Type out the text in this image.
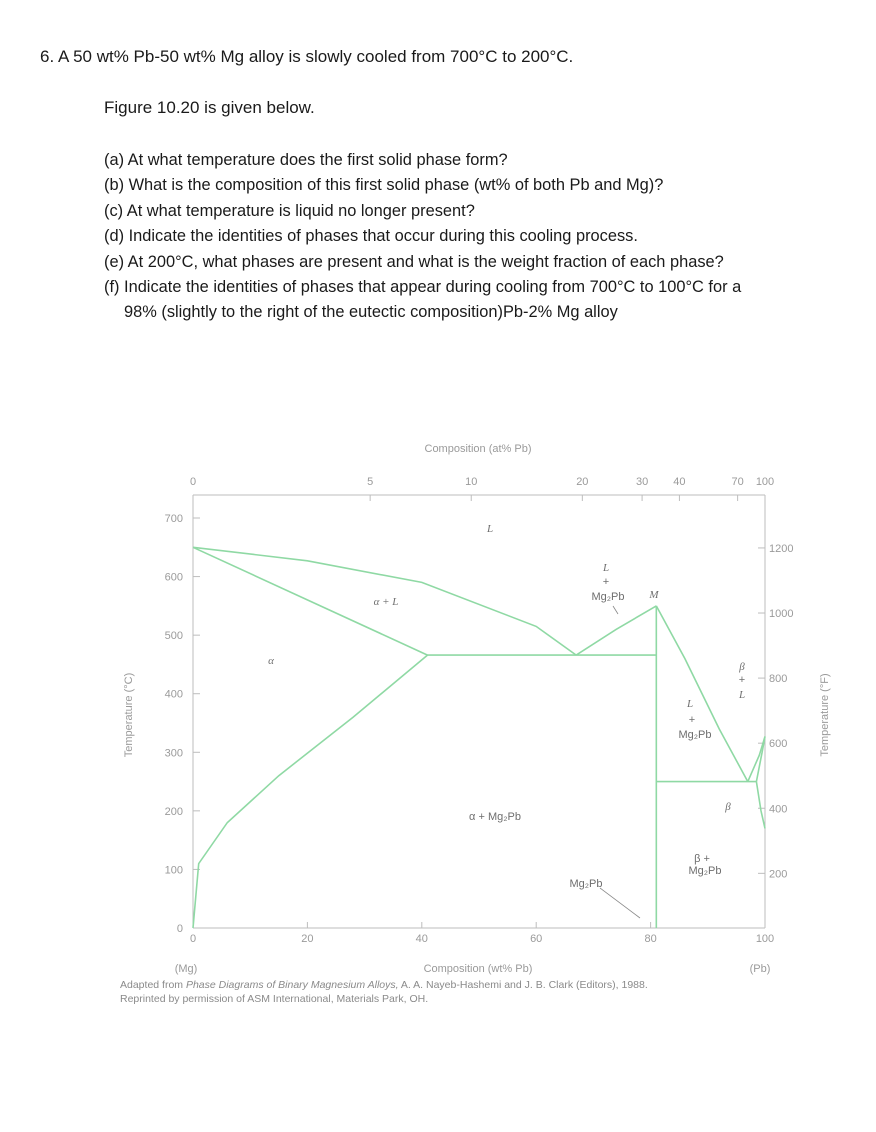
6. A 50 wt% Pb-50 wt% Mg alloy is slowly cooled from 700°C to 200°C.
Figure 10.20 is given below.
(a) At what temperature does the first solid phase form?
(b) What is the composition of this first solid phase (wt% of both Pb and Mg)?
(c) At what temperature is liquid no longer present?
(d) Indicate the identities of phases that occur during this cooling process.
(e) At 200°C, what phases are present and what is the weight fraction of each phase?
(f) Indicate the identities of phases that appear during cooling from 700°C to 100°C for a
98% (slightly to the right of the eutectic composition)Pb-2% Mg alloy
0
100
200
300
400
500
600
700
200
400
600
800
1000
1200
0	20	40	60	80	100
0	5	10	20	30 40	70 100
Composition (at% Pb)
Composition (wt% Pb)
(Mg)	(Pb)
Temperature (°C)	Temperature (°F)
L
α
α + L
L
+
Mg₂Pb M
α + Mg₂Pb
Mg₂Pb
L
+
Mg₂Pb
β
+
L
β
β +
Mg₂Pb
Adapted from Phase Diagrams of Binary Magnesium Alloys, A. A. Nayeb-Hashemi and J. B. Clark (Editors), 1988.
Reprinted by permission of ASM International, Materials Park, OH.
